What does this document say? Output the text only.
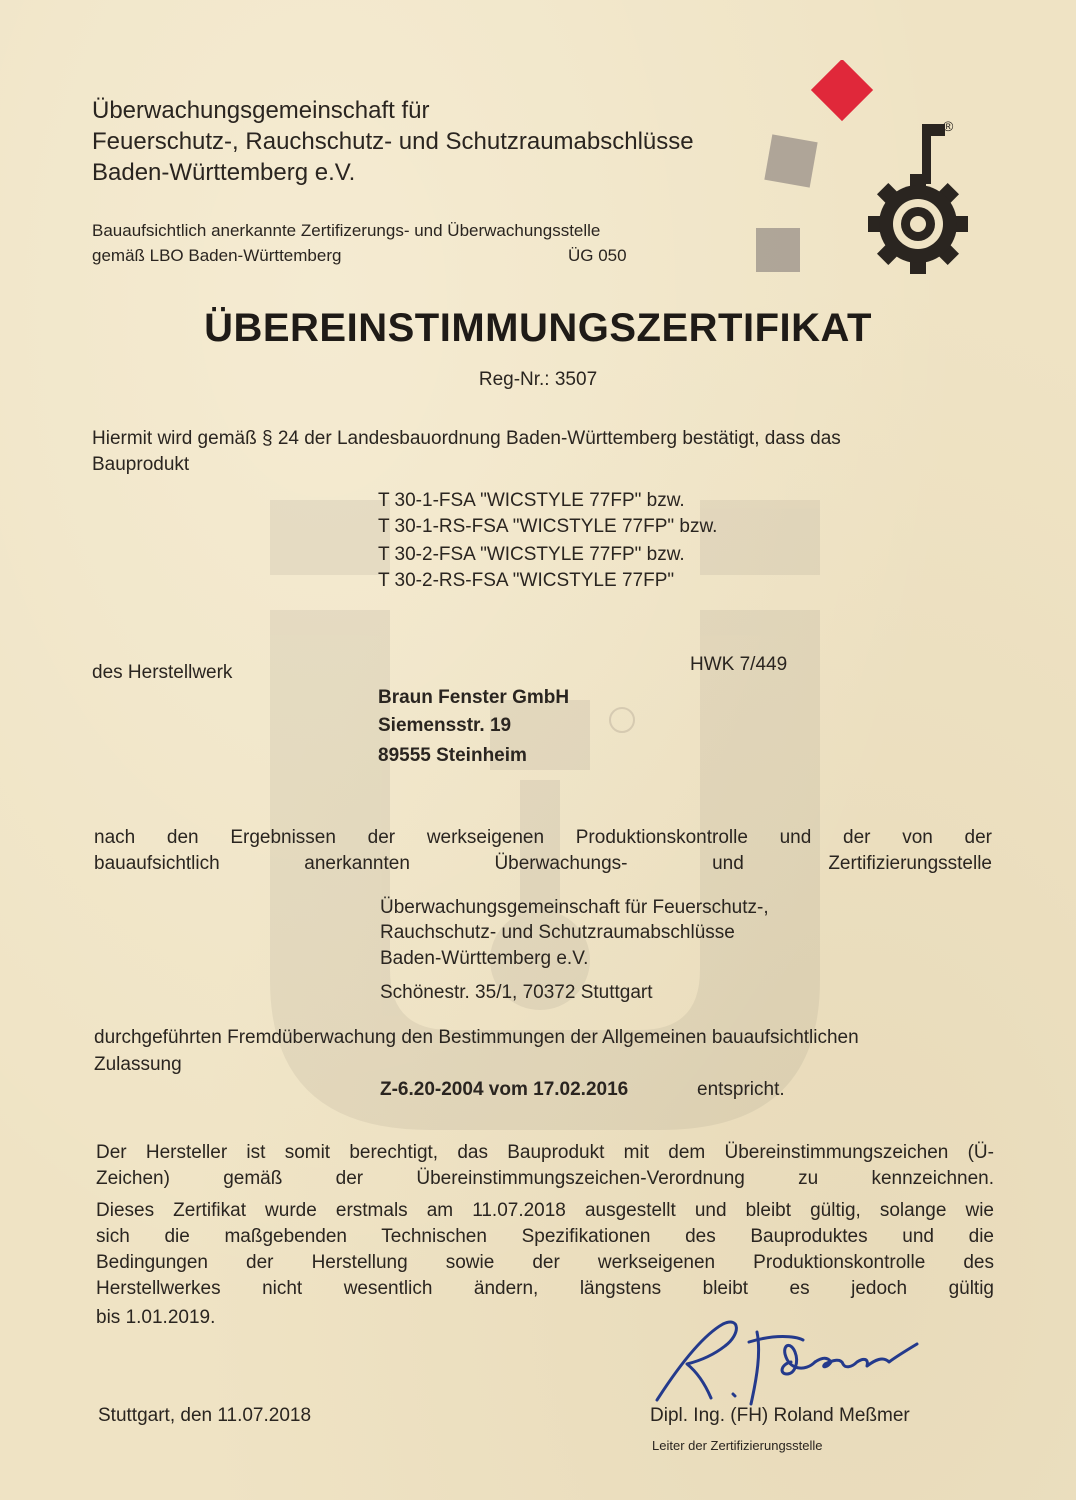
Überwachungsgemeinschaft für
Feuerschutz-, Rauchschutz- und Schutzraumabschlüsse
Baden-Württemberg e.V.
Bauaufsichtlich anerkannte Zertifizerungs- und Überwachungsstelle
gemäß LBO Baden-Württemberg	ÜG 050
®
ÜBEREINSTIMMUNGSZERTIFIKAT
Reg-Nr.: 3507
Hiermit wird gemäß § 24 der Landesbauordnung Baden-Württemberg bestätigt, dass das
Bauprodukt
T 30-1-FSA "WICSTYLE 77FP" bzw.
T 30-1-RS-FSA "WICSTYLE 77FP" bzw.
T 30-2-FSA "WICSTYLE 77FP" bzw.
T 30-2-RS-FSA "WICSTYLE 77FP"
des Herstellwerk	HWK 7/449
Braun Fenster GmbH
Siemensstr. 19
89555 Steinheim
nach den Ergebnissen der werkseigenen Produktionskontrolle und der von der
bauaufsichtlich anerkannten Überwachungs- und Zertifizierungsstelle
Überwachungsgemeinschaft für Feuerschutz-,
Rauchschutz- und Schutzraumabschlüsse
Baden-Württemberg e.V.
Schönestr. 35/1, 70372 Stuttgart
durchgeführten Fremdüberwachung den Bestimmungen der Allgemeinen bauaufsichtlichen
Zulassung
Z-6.20-2004 vom 17.02.2016	entspricht.
Der Hersteller ist somit berechtigt, das Bauprodukt mit dem Übereinstimmungszeichen (Ü-
Zeichen) gemäß der Übereinstimmungszeichen-Verordnung zu kennzeichnen.
Dieses Zertifikat wurde erstmals am 11.07.2018 ausgestellt und bleibt gültig, solange wie
sich die maßgebenden Technischen Spezifikationen des Bauproduktes und die
Bedingungen der Herstellung sowie der werkseigenen Produktionskontrolle des
Herstellwerkes nicht wesentlich ändern, längstens bleibt es jedoch gültig
bis 1.01.2019.
Stuttgart, den 11.07.2018	Dipl. Ing. (FH) Roland Meßmer
Leiter der Zertifizierungsstelle
